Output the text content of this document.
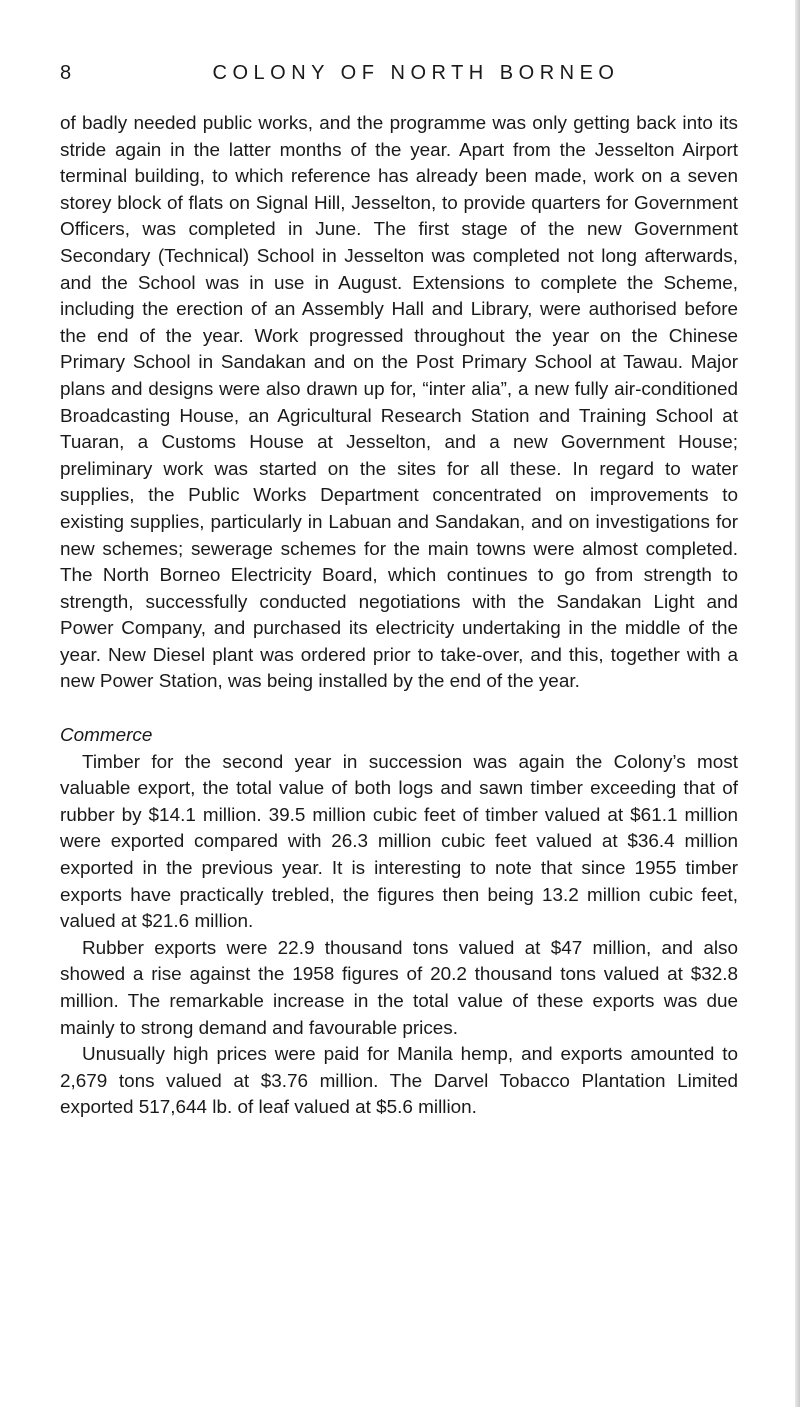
8	COLONY OF NORTH BORNEO

of badly needed public works, and the programme was only getting back into its stride again in the latter months of the year. Apart from the Jesselton Airport terminal building, to which reference has already been made, work on a seven storey block of flats on Signal Hill, Jesselton, to provide quarters for Government Officers, was completed in June. The first stage of the new Government Secondary (Technical) School in Jesselton was completed not long afterwards, and the School was in use in August. Extensions to complete the Scheme, including the erection of an Assembly Hall and Library, were authorised before the end of the year. Work progressed throughout the year on the Chinese Primary School in Sandakan and on the Post Primary School at Tawau. Major plans and designs were also drawn up for, “inter alia”, a new fully air-conditioned Broadcasting House, an Agricultural Research Station and Training School at Tuaran, a Customs House at Jesselton, and a new Government House; preliminary work was started on the sites for all these. In regard to water supplies, the Public Works Department concentrated on improvements to existing supplies, particularly in Labuan and Sandakan, and on investigations for new schemes; sewerage schemes for the main towns were almost completed. The North Borneo Electricity Board, which continues to go from strength to strength, successfully conducted negotiations with the Sandakan Light and Power Company, and purchased its electricity undertaking in the middle of the year. New Diesel plant was ordered prior to take-over, and this, together with a new Power Station, was being installed by the end of the year.

Commerce

Timber for the second year in succession was again the Colony’s most valuable export, the total value of both logs and sawn timber exceeding that of rubber by $14.1 million. 39.5 million cubic feet of timber valued at $61.1 million were exported compared with 26.3 million cubic feet valued at $36.4 million exported in the previous year. It is interesting to note that since 1955 timber exports have practically trebled, the figures then being 13.2 million cubic feet, valued at $21.6 million.

Rubber exports were 22.9 thousand tons valued at $47 million, and also showed a rise against the 1958 figures of 20.2 thousand tons valued at $32.8 million. The remarkable increase in the total value of these exports was due mainly to strong demand and favourable prices.

Unusually high prices were paid for Manila hemp, and exports amounted to 2,679 tons valued at $3.76 million. The Darvel Tobacco Plantation Limited exported 517,644 lb. of leaf valued at $5.6 million.
